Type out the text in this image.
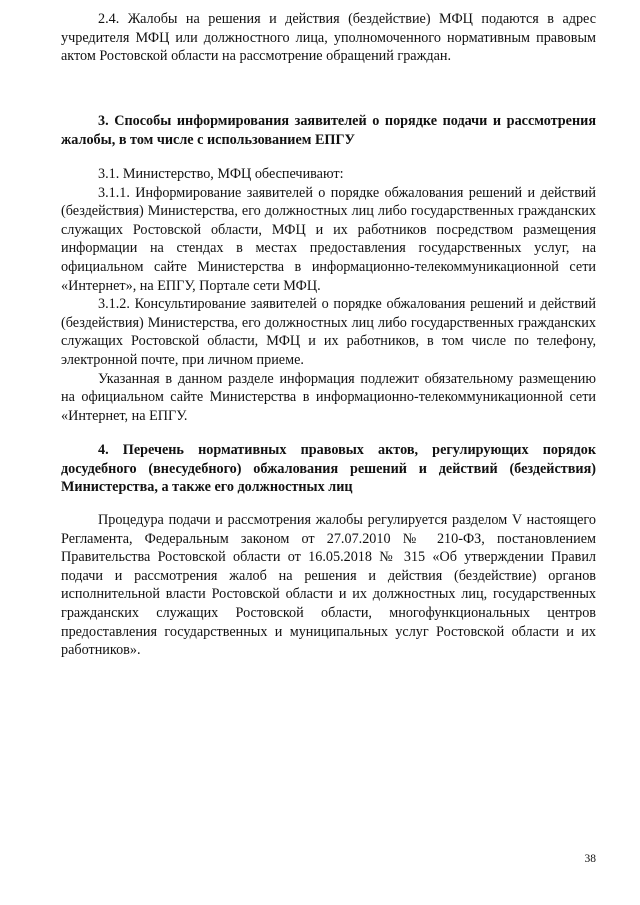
2.4. Жалобы на решения и действия (бездействие) МФЦ подаются в адрес учредителя МФЦ или должностного лица, уполномоченного нормативным правовым актом Ростовской области на рассмотрение обращений граждан.

3. Способы информирования заявителей о порядке подачи и рассмотрения жалобы, в том числе с использованием ЕПГУ

3.1. Министерство, МФЦ обеспечивают:

3.1.1. Информирование заявителей о порядке обжалования решений и действий (бездействия) Министерства, его должностных лиц либо государственных гражданских служащих Ростовской области, МФЦ и их работников посредством размещения информации на стендах в местах предоставления государственных услуг, на официальном сайте Министерства в информационно-телекоммуникационной сети «Интернет», на ЕПГУ, Портале сети МФЦ.

3.1.2. Консультирование заявителей о порядке обжалования решений и действий (бездействия) Министерства, его должностных лиц либо государственных гражданских служащих Ростовской области, МФЦ и их работников, в том числе по телефону, электронной почте, при личном приеме.

Указанная в данном разделе информация подлежит обязательному размещению на официальном сайте Министерства в информационно-телекоммуникационной сети «Интернет, на ЕПГУ.

4. Перечень нормативных правовых актов, регулирующих порядок досудебного (внесудебного) обжалования решений и действий (бездействия) Министерства, а также его должностных лиц

Процедура подачи и рассмотрения жалобы регулируется разделом V настоящего Регламента, Федеральным законом от 27.07.2010 № 210-ФЗ, постановлением Правительства Ростовской области от 16.05.2018 № 315 «Об утверждении Правил подачи и рассмотрения жалоб на решения и действия (бездействие) органов исполнительной власти Ростовской области и их должностных лиц, государственных гражданских служащих Ростовской области, многофункциональных центров предоставления государственных и муниципальных услуг Ростовской области и их работников».

38
